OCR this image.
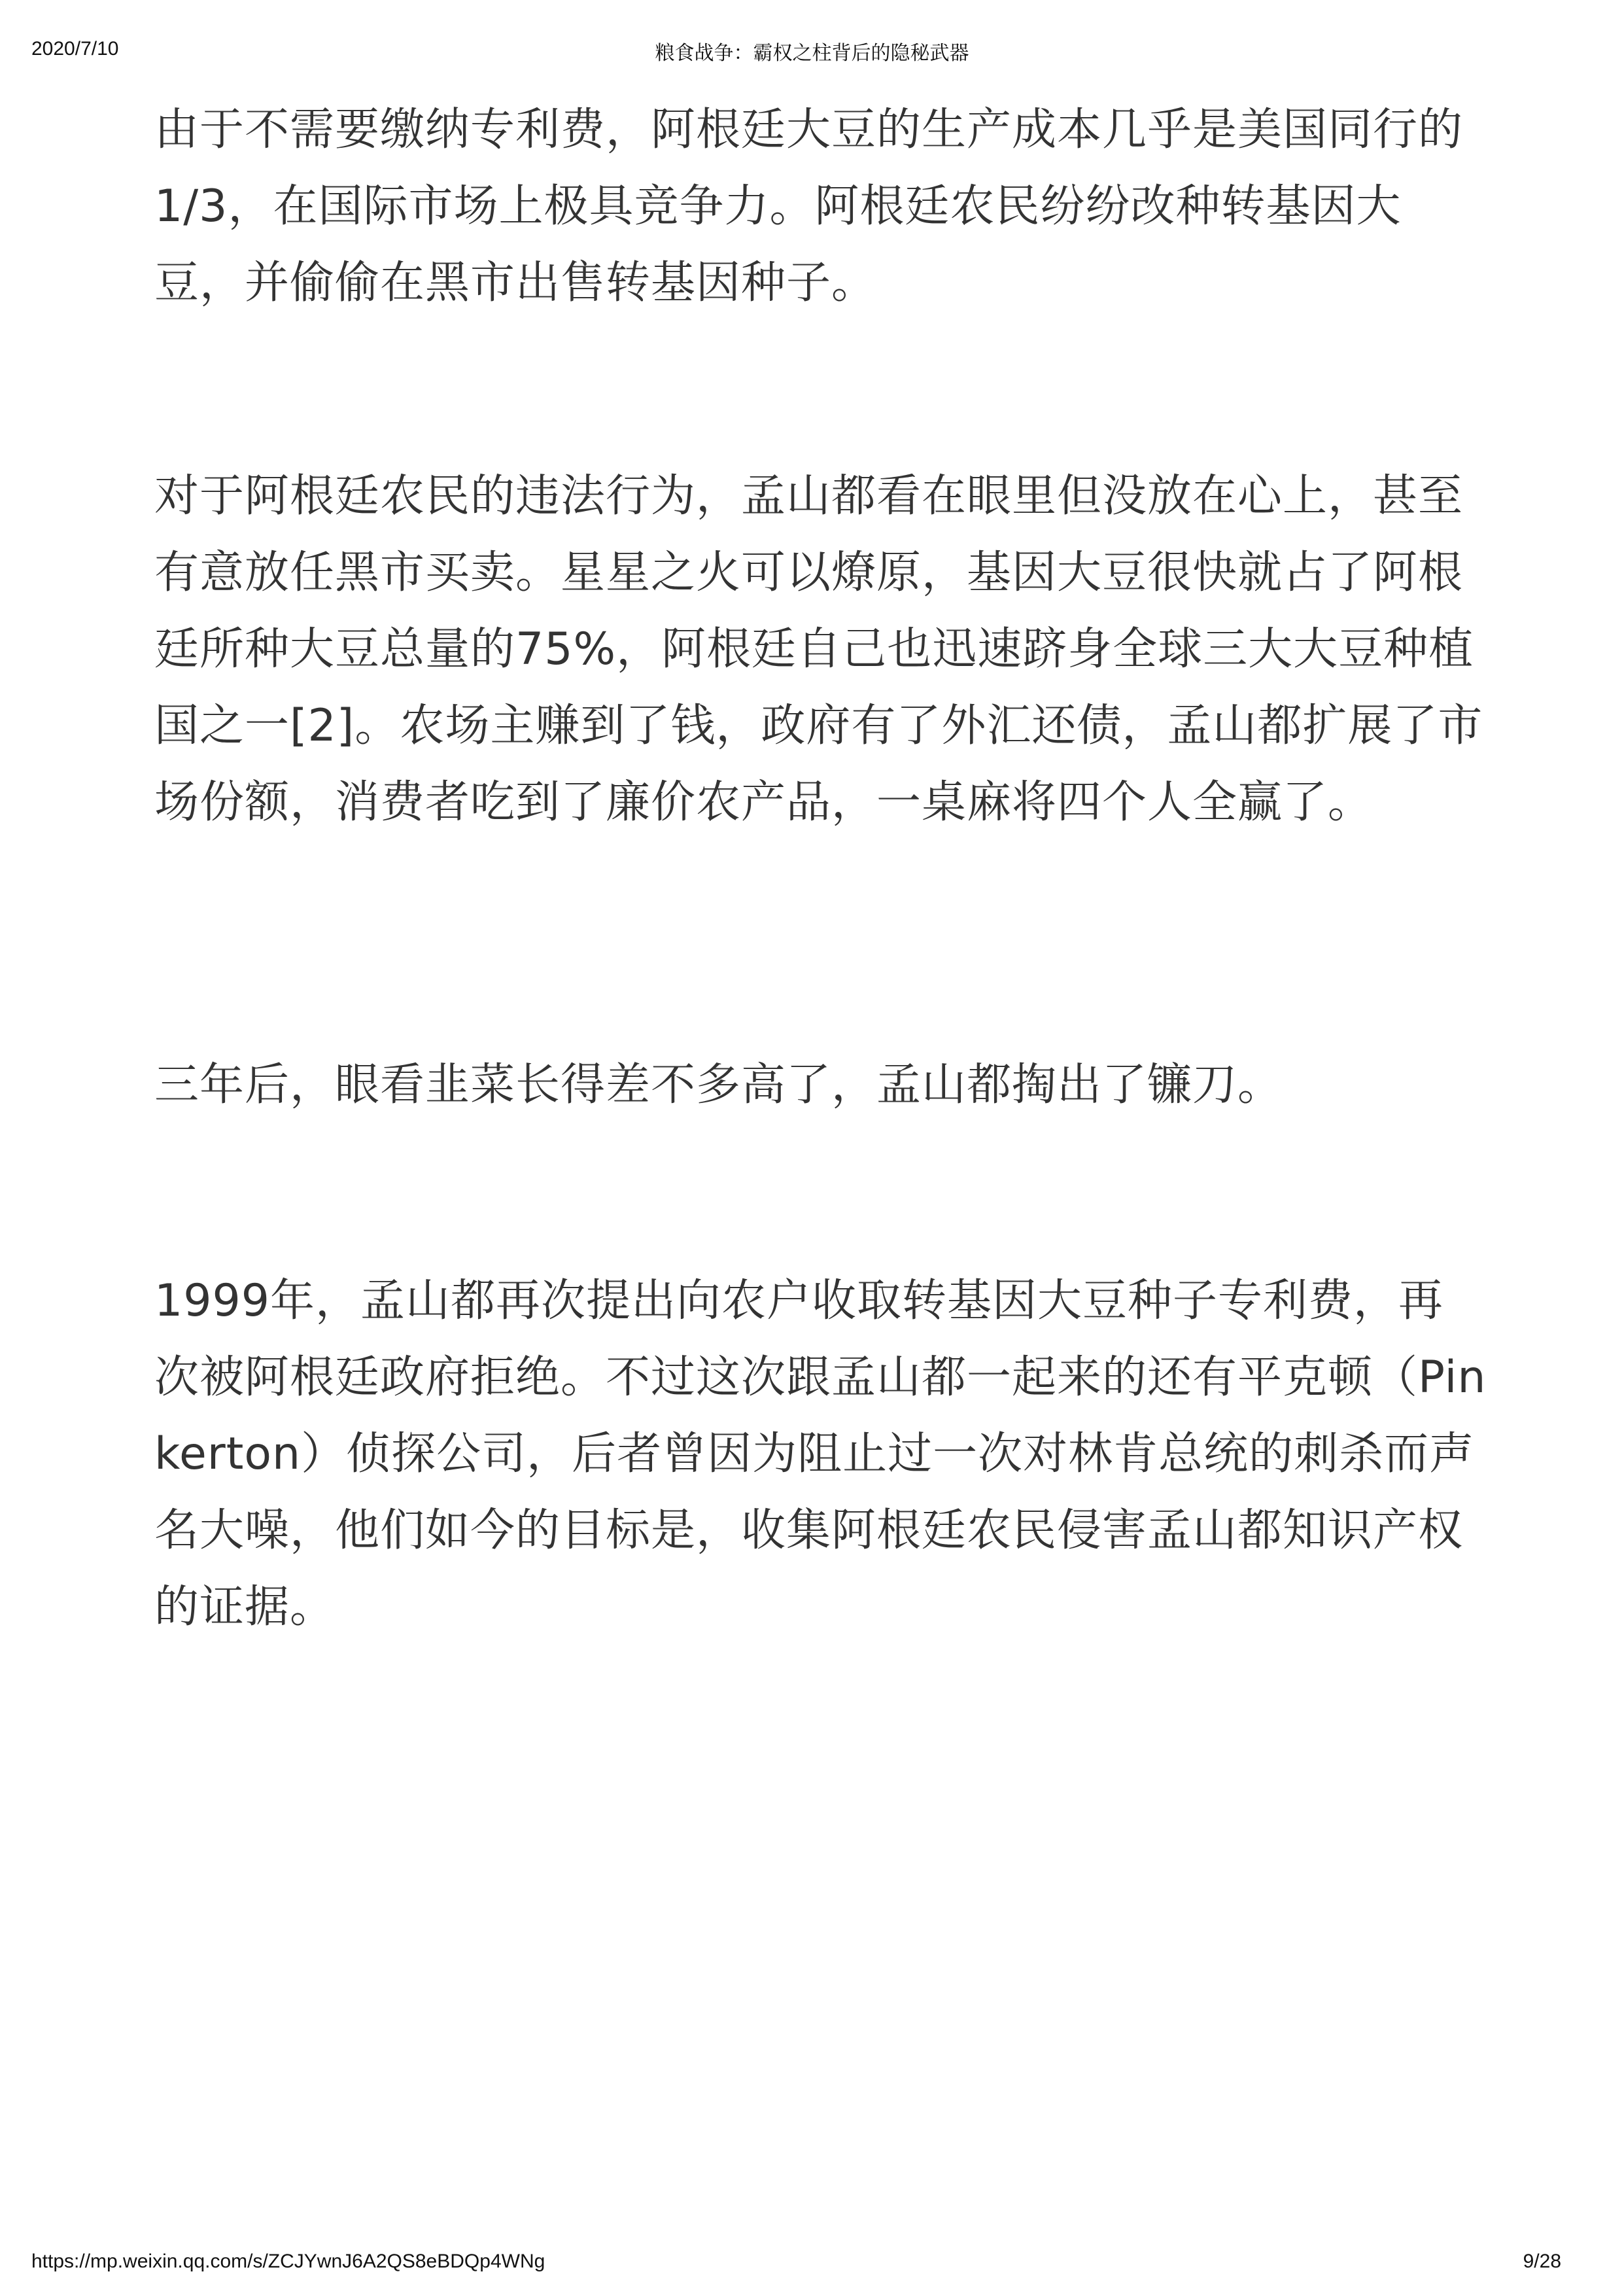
2020/7/10	粮食战争：霸权之柱背后的隐秘武器

由于不需要缴纳专利费，阿根廷大豆的生产成本几乎是美国同行的1/3，在国际市场上极具竞争力。阿根廷农民纷纷改种转基因大豆，并偷偷在黑市出售转基因种子。

对于阿根廷农民的违法行为，孟山都看在眼里但没放在心上，甚至有意放任黑市买卖。星星之火可以燎原，基因大豆很快就占了阿根廷所种大豆总量的75%，阿根廷自己也迅速跻身全球三大大豆种植国之一[2]。农场主赚到了钱，政府有了外汇还债，孟山都扩展了市场份额，消费者吃到了廉价农产品，一桌麻将四个人全赢了。

三年后，眼看韭菜长得差不多高了，孟山都掏出了镰刀。

1999年，孟山都再次提出向农户收取转基因大豆种子专利费，再次被阿根廷政府拒绝。不过这次跟孟山都一起来的还有平克顿（Pinkerton）侦探公司，后者曾因为阻止过一次对林肯总统的刺杀而声名大噪，他们如今的目标是，收集阿根廷农民侵害孟山都知识产权的证据。

https://mp.weixin.qq.com/s/ZCJYwnJ6A2QS8eBDQp4WNg	9/28
